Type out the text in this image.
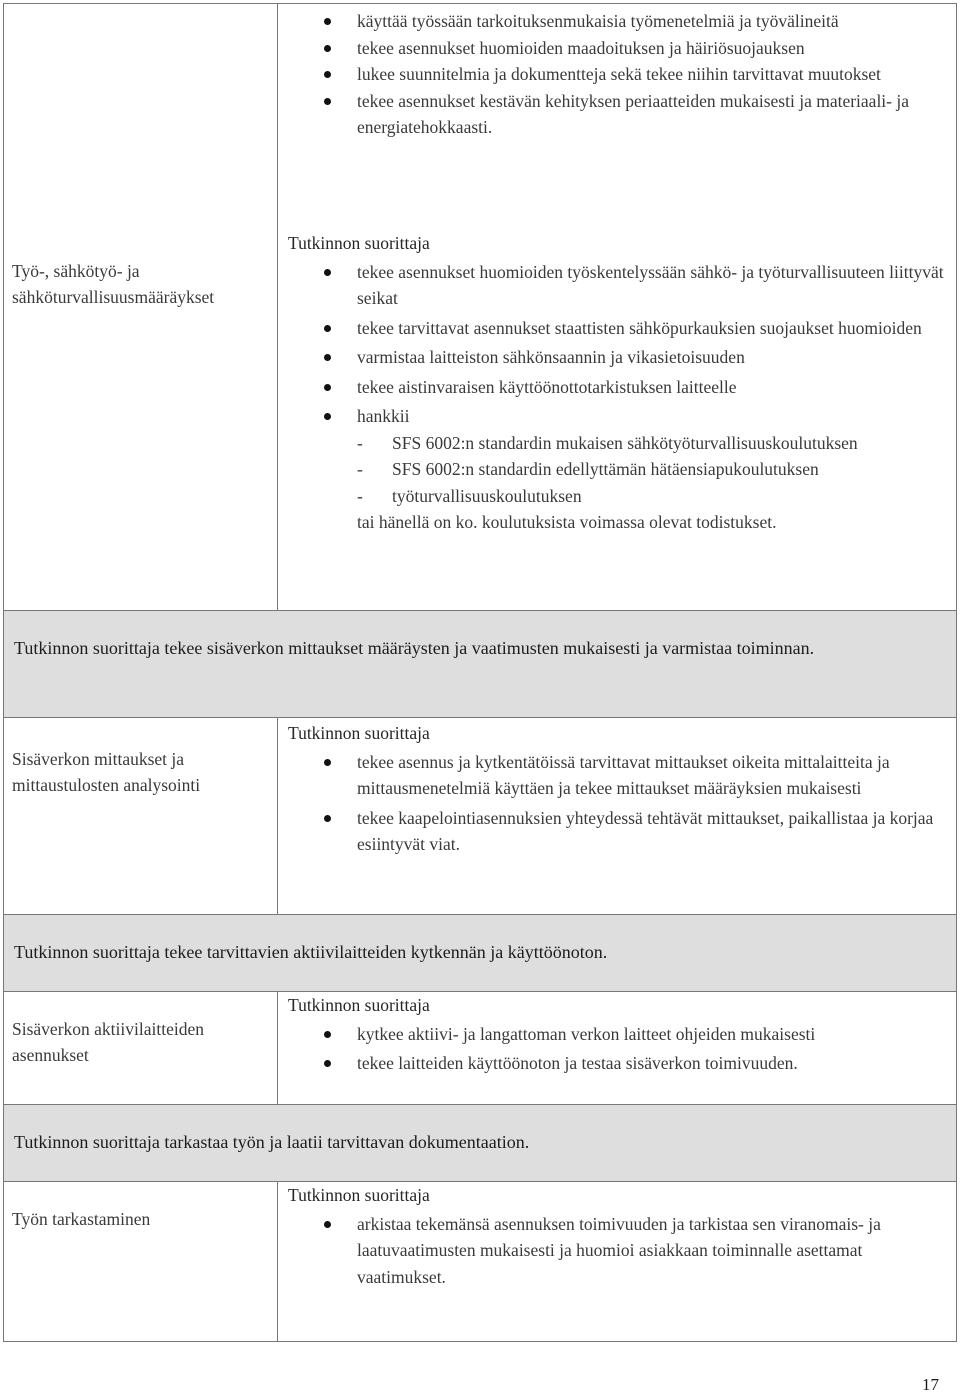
käyttää työssään tarkoituksenmukaisia työmenetelmiä ja työvälineitä
tekee asennukset huomioiden maadoituksen ja häiriösuojauksen
lukee suunnitelmia ja dokumentteja sekä tekee niihin tarvittavat muutokset
tekee asennukset kestävän kehityksen periaatteiden mukaisesti ja materiaali- ja energiatehokkaasti.
Työ-, sähkötyö- ja sähköturvallisuusmääräykset

Tutkinnon suorittaja

tekee asennukset huomioiden työskentelyssään sähkö- ja työturvallisuuteen liittyvät seikat
tekee tarvittavat asennukset staattisten sähköpurkauksien suojaukset huomioiden
varmistaa laitteiston sähkönsaannin ja vikasietoisuuden
tekee aistinvaraisen käyttöönottotarkistuksen laitteelle
hankkii
- SFS 6002:n standardin mukaisen sähkötyöturvallisuuskoulutuksen
- SFS 6002:n standardin edellyttämän hätäensiapukoulutuksen
- työturvallisuuskoulutuksen

tai hänellä on ko. koulutuksista voimassa olevat todistukset.

Tutkinnon suorittaja tekee sisäverkon mittaukset määräysten ja vaatimusten mukaisesti ja varmistaa toiminnan.
Sisäverkon mittaukset ja mittaustulosten analysointi

Tutkinnon suorittaja

tekee asennus ja kytkentätöissä tarvittavat mittaukset oikeita mittalaitteita ja mittausmenetelmiä käyttäen ja tekee mittaukset määräyksien mukaisesti
tekee kaapelointiasennuksien yhteydessä tehtävät mittaukset, paikallistaa ja korjaa esiintyvät viat.
Tutkinnon suorittaja tekee tarvittavien aktiivilaitteiden kytkennän ja käyttöönoton.
Sisäverkon aktiivilaitteiden asennukset

Tutkinnon suorittaja

kytkee aktiivi- ja langattoman verkon laitteet ohjeiden mukaisesti
tekee laitteiden käyttöönoton ja testaa sisäverkon toimivuuden.
Tutkinnon suorittaja tarkastaa työn ja laatii tarvittavan dokumentaation.
Työn tarkastaminen

Tutkinnon suorittaja

arkistaa tekemänsä asennuksen toimivuuden ja tarkistaa sen viranomais- ja laatuvaatimusten mukaisesti ja huomioi asiakkaan toiminnalle asettamat vaatimukset.
17
